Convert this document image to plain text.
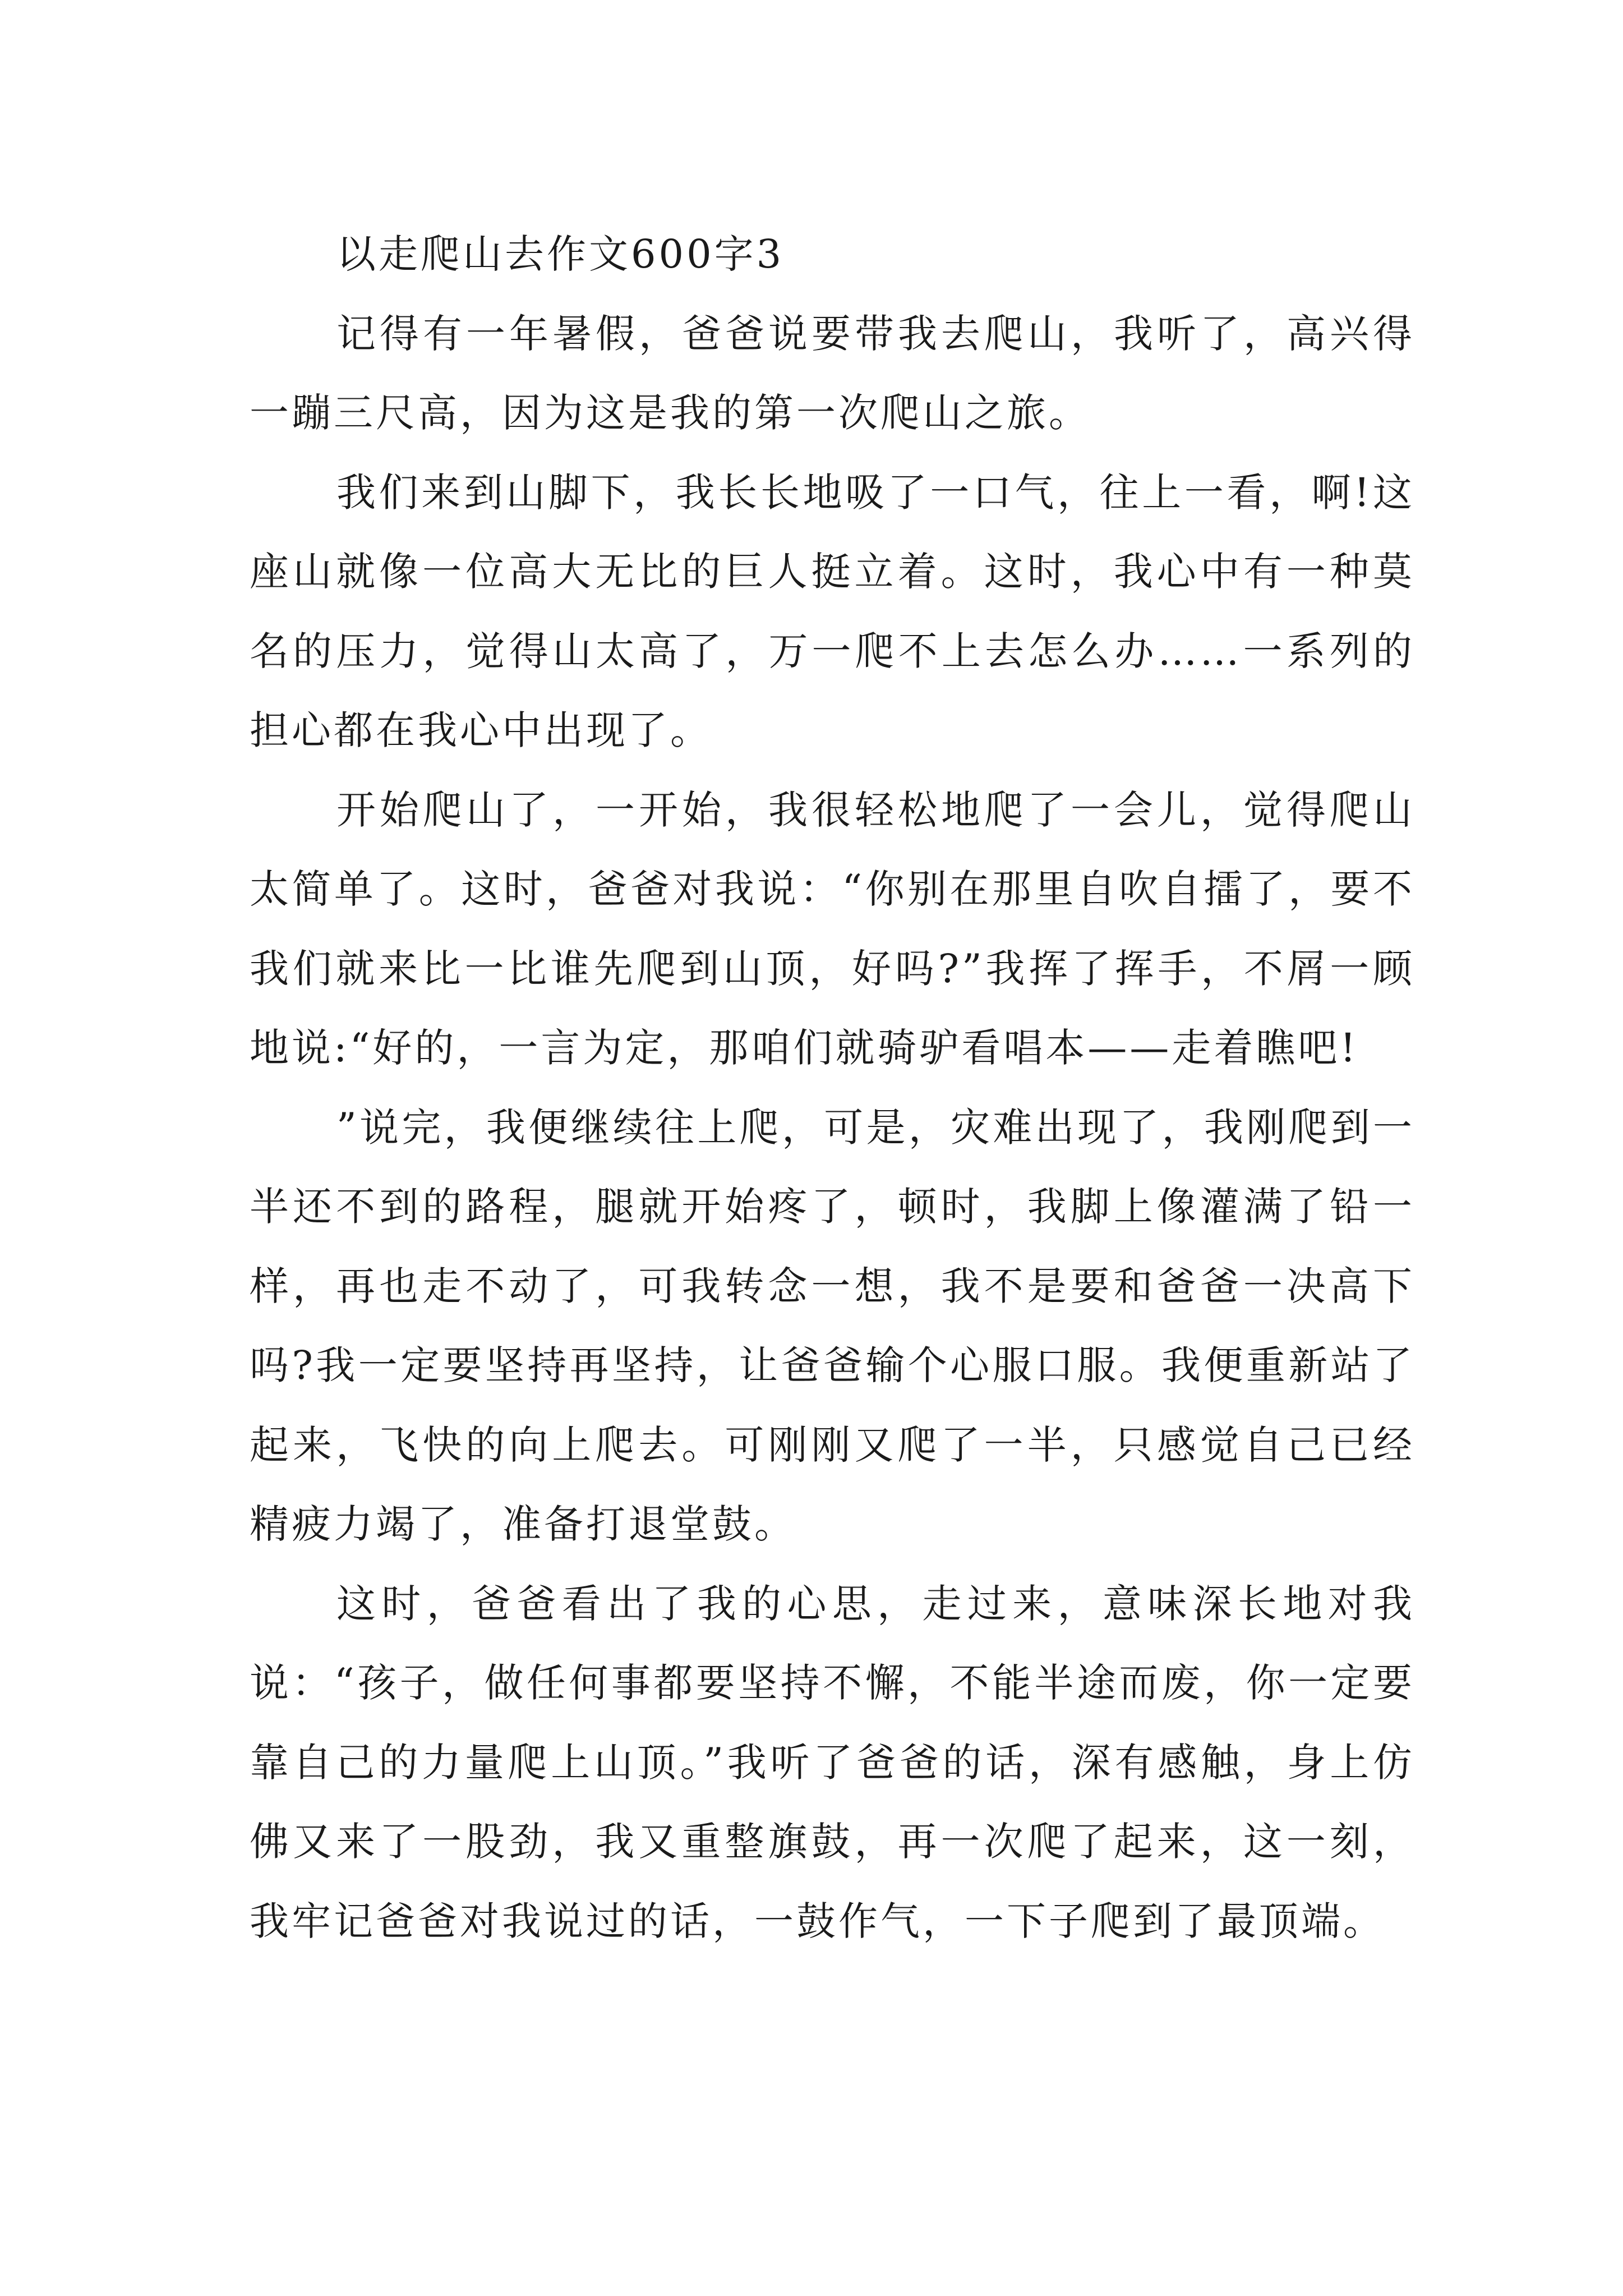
以走爬山去作文600字3

记得有一年暑假，爸爸说要带我去爬山，我听了，高兴得一蹦三尺高，因为这是我的第一次爬山之旅。

我们来到山脚下，我长长地吸了一口气，往上一看，啊!这座山就像一位高大无比的巨人挺立着。这时，我心中有一种莫名的压力，觉得山太高了，万一爬不上去怎么办……一系列的担心都在我心中出现了。

开始爬山了，一开始，我很轻松地爬了一会儿，觉得爬山太简单了。这时，爸爸对我说：“你别在那里自吹自擂了，要不我们就来比一比谁先爬到山顶，好吗?”我挥了挥手，不屑一顾地说:“好的，一言为定，那咱们就骑驴看唱本——走着瞧吧!

”说完，我便继续往上爬，可是，灾难出现了，我刚爬到一半还不到的路程，腿就开始疼了，顿时，我脚上像灌满了铅一样，再也走不动了，可我转念一想，我不是要和爸爸一决高下吗?我一定要坚持再坚持，让爸爸输个心服口服。我便重新站了起来，飞快的向上爬去。可刚刚又爬了一半，只感觉自己已经精疲力竭了，准备打退堂鼓。

这时，爸爸看出了我的心思，走过来，意味深长地对我说：“孩子，做任何事都要坚持不懈，不能半途而废，你一定要靠自己的力量爬上山顶。”我听了爸爸的话，深有感触，身上仿佛又来了一股劲，我又重整旗鼓，再一次爬了起来，这一刻，我牢记爸爸对我说过的话，一鼓作气，一下子爬到了最顶端。
